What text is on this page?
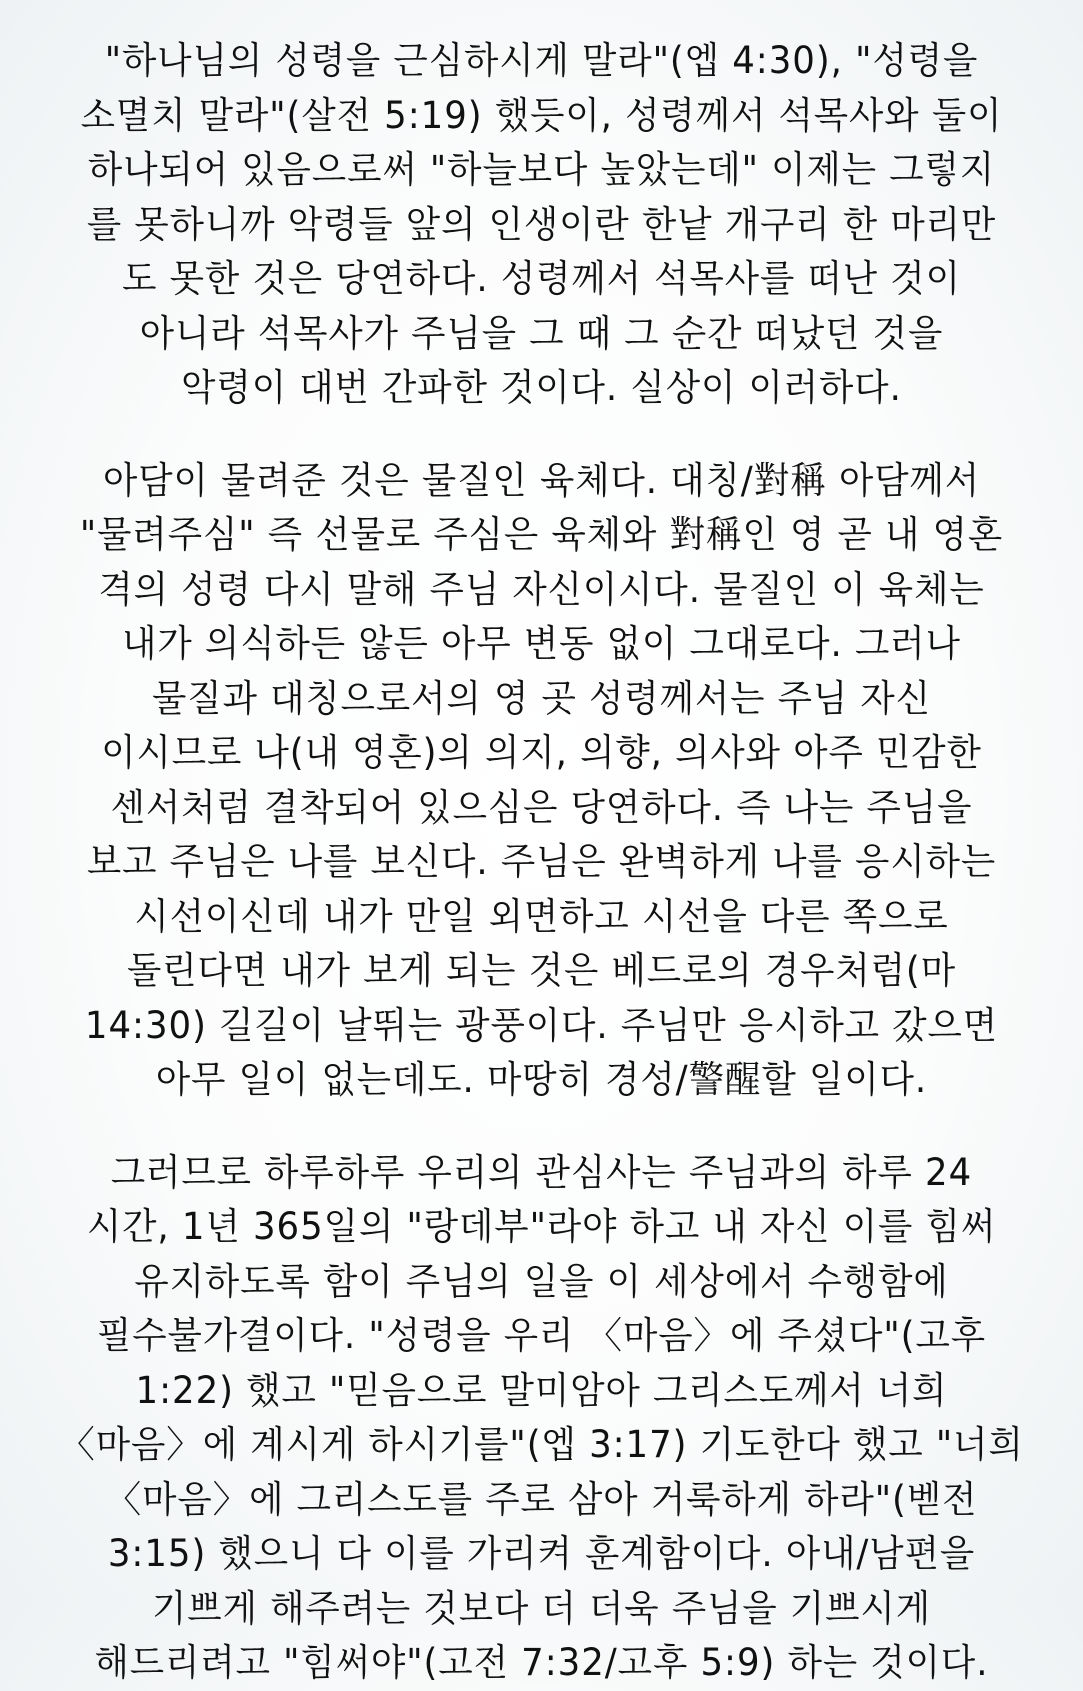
"하나님의 성령을 근심하시게 말라"(엡 4:30), "성령을
소멸치 말라"(살전 5:19) 했듯이, 성령께서 석목사와 둘이
하나되어 있음으로써 "하늘보다 높았는데" 이제는 그렇지
를 못하니까 악령들 앞의 인생이란 한낱 개구리 한 마리만
도 못한 것은 당연하다. 성령께서 석목사를 떠난 것이
아니라 석목사가 주님을 그 때 그 순간 떠났던 것을
악령이 대번 간파한 것이다. 실상이 이러하다.
아담이 물려준 것은 물질인 육체다. 대칭/對稱 아담께서
"물려주심" 즉 선물로 주심은 육체와 對稱인 영 곧 내 영혼
격의 성령 다시 말해 주님 자신이시다. 물질인 이 육체는
내가 의식하든 않든 아무 변동 없이 그대로다. 그러나
물질과 대칭으로서의 영 곳 성령께서는 주님 자신
이시므로 나(내 영혼)의 의지, 의향, 의사와 아주 민감한
센서처럼 결착되어 있으심은 당연하다. 즉 나는 주님을
보고 주님은 나를 보신다. 주님은 완벽하게 나를 응시하는
시선이신데 내가 만일 외면하고 시선을 다른 쪽으로
돌린다면 내가 보게 되는 것은 베드로의 경우처럼(마
14:30) 길길이 날뛰는 광풍이다. 주님만 응시하고 갔으면
아무 일이 없는데도. 마땅히 경성/警醒할 일이다.
그러므로 하루하루 우리의 관심사는 주님과의 하루 24
시간, 1년 365일의 "랑데부"라야 하고 내 자신 이를 힘써
유지하도록 함이 주님의 일을 이 세상에서 수행함에
필수불가결이다. "성령을 우리 〈마음〉에 주셨다"(고후
1:22) 했고 "믿음으로 말미암아 그리스도께서 너희
〈마음〉에 계시게 하시기를"(엡 3:17) 기도한다 했고 "너희
〈마음〉에 그리스도를 주로 삼아 거룩하게 하라"(벧전
3:15) 했으니 다 이를 가리켜 훈계함이다. 아내/남편을
기쁘게 해주려는 것보다 더 더욱 주님을 기쁘시게
해드리려고 "힘써야"(고전 7:32/고후 5:9) 하는 것이다.
